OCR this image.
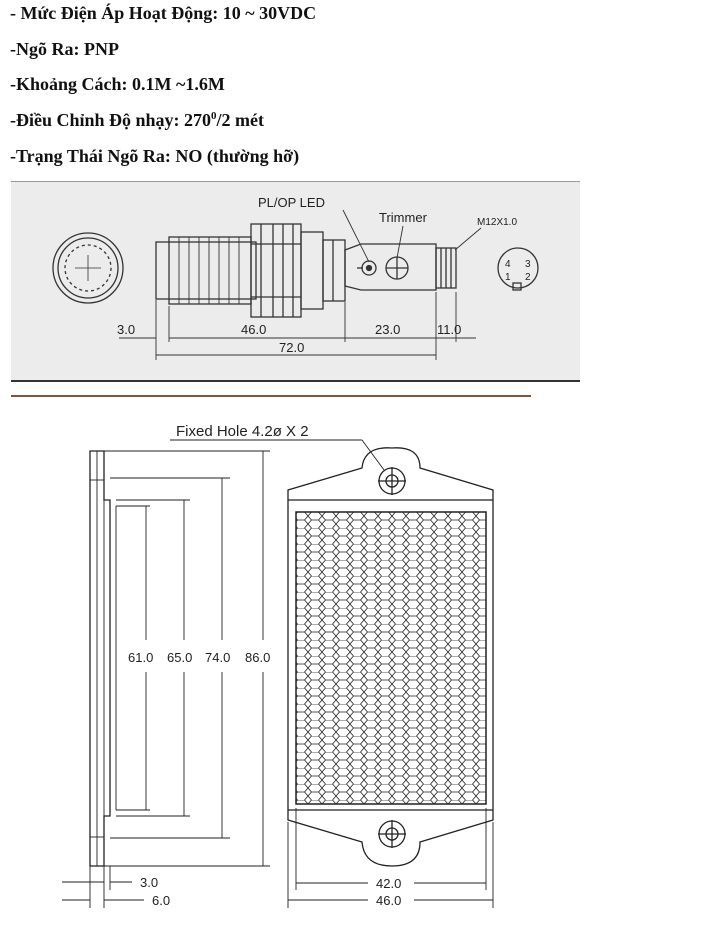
- Mức Điện Áp Hoạt Động: 10 ~ 30VDC
-Ngõ Ra: PNP
-Khoảng Cách: 0.1M ~1.6M
-Điều Chỉnh Độ nhạy: $270^0/2$ mét
-Trạng Thái Ngõ Ra: NO (thường hỡ)
4 3
1 2
PL/OP LED
Trimmer	M12X1.0
3.0	46.0	23.0	11.0
72.0
61.0 65.0 74.0 86.0
3.0
6.0
Fixed Hole 4.2ø X 2
42.0
46.0
